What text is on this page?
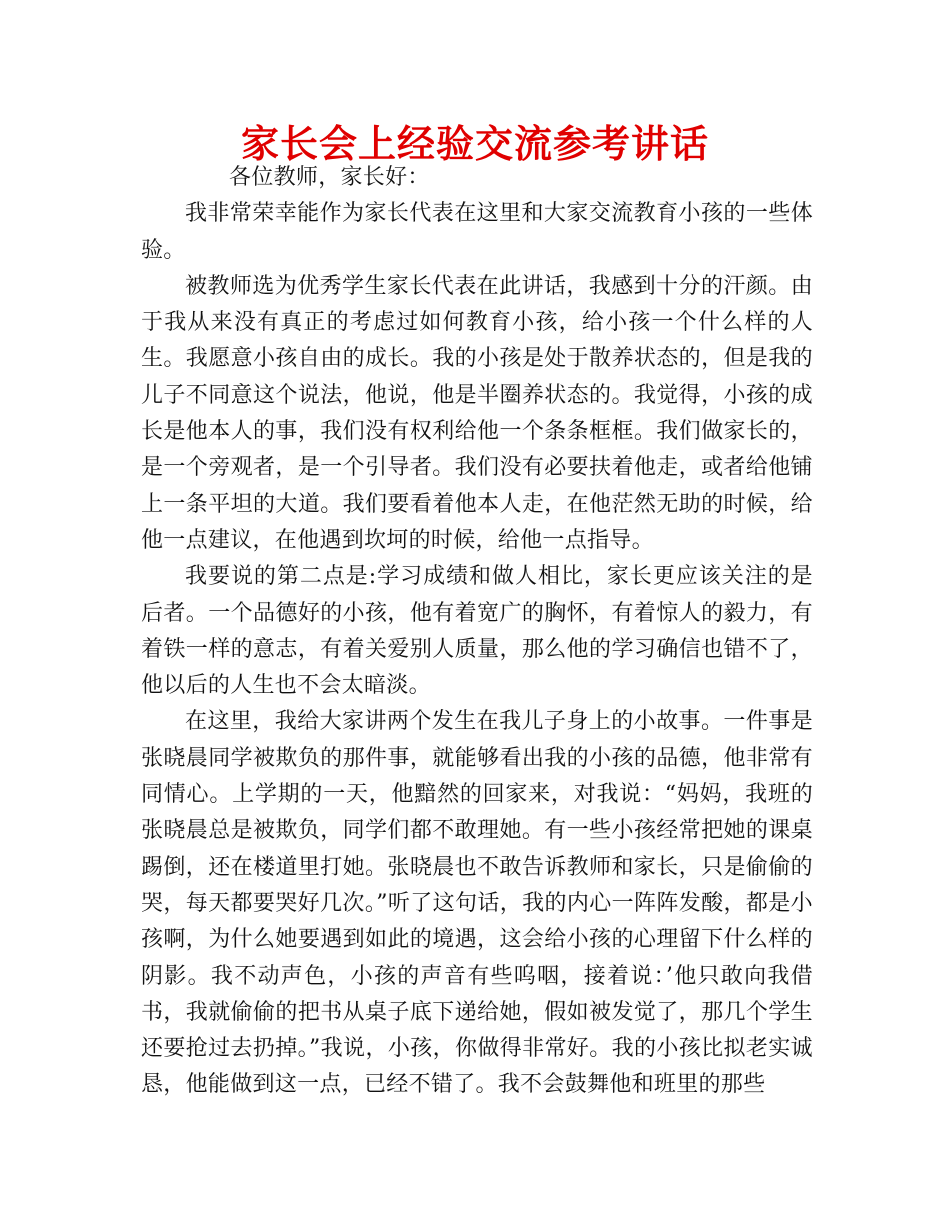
家长会上经验交流参考讲话

各位教师，家长好：

我非常荣幸能作为家长代表在这里和大家交流教育小孩的一些体验。

被教师选为优秀学生家长代表在此讲话，我感到十分的汗颜。由于我从来没有真正的考虑过如何教育小孩，给小孩一个什么样的人生。我愿意小孩自由的成长。我的小孩是处于散养状态的，但是我的儿子不同意这个说法，他说，他是半圈养状态的。我觉得，小孩的成长是他本人的事，我们没有权利给他一个条条框框。我们做家长的，是一个旁观者，是一个引导者。我们没有必要扶着他走，或者给他铺上一条平坦的大道。我们要看着他本人走，在他茫然无助的时候，给他一点建议，在他遇到坎坷的时候，给他一点指导。

我要说的第二点是:学习成绩和做人相比，家长更应该关注的是后者。一个品德好的小孩，他有着宽广的胸怀，有着惊人的毅力，有着铁一样的意志，有着关爱别人质量，那么他的学习确信也错不了，他以后的人生也不会太暗淡。

在这里，我给大家讲两个发生在我儿子身上的小故事。一件事是张晓晨同学被欺负的那件事，就能够看出我的小孩的品德，他非常有同情心。上学期的一天，他黯然的回家来，对我说：“妈妈，我班的张晓晨总是被欺负，同学们都不敢理她。有一些小孩经常把她的课桌踢倒，还在楼道里打她。张晓晨也不敢告诉教师和家长，只是偷偷的哭，每天都要哭好几次。”听了这句话，我的内心一阵阵发酸，都是小孩啊，为什么她要遇到如此的境遇，这会给小孩的心理留下什么样的阴影。我不动声色，小孩的声音有些呜咽，接着说：’他只敢向我借书，我就偷偷的把书从桌子底下递给她，假如被发觉了，那几个学生还要抢过去扔掉。”我说，小孩，你做得非常好。我的小孩比拟老实诚恳，他能做到这一点，已经不错了。我不会鼓舞他和班里的那些
